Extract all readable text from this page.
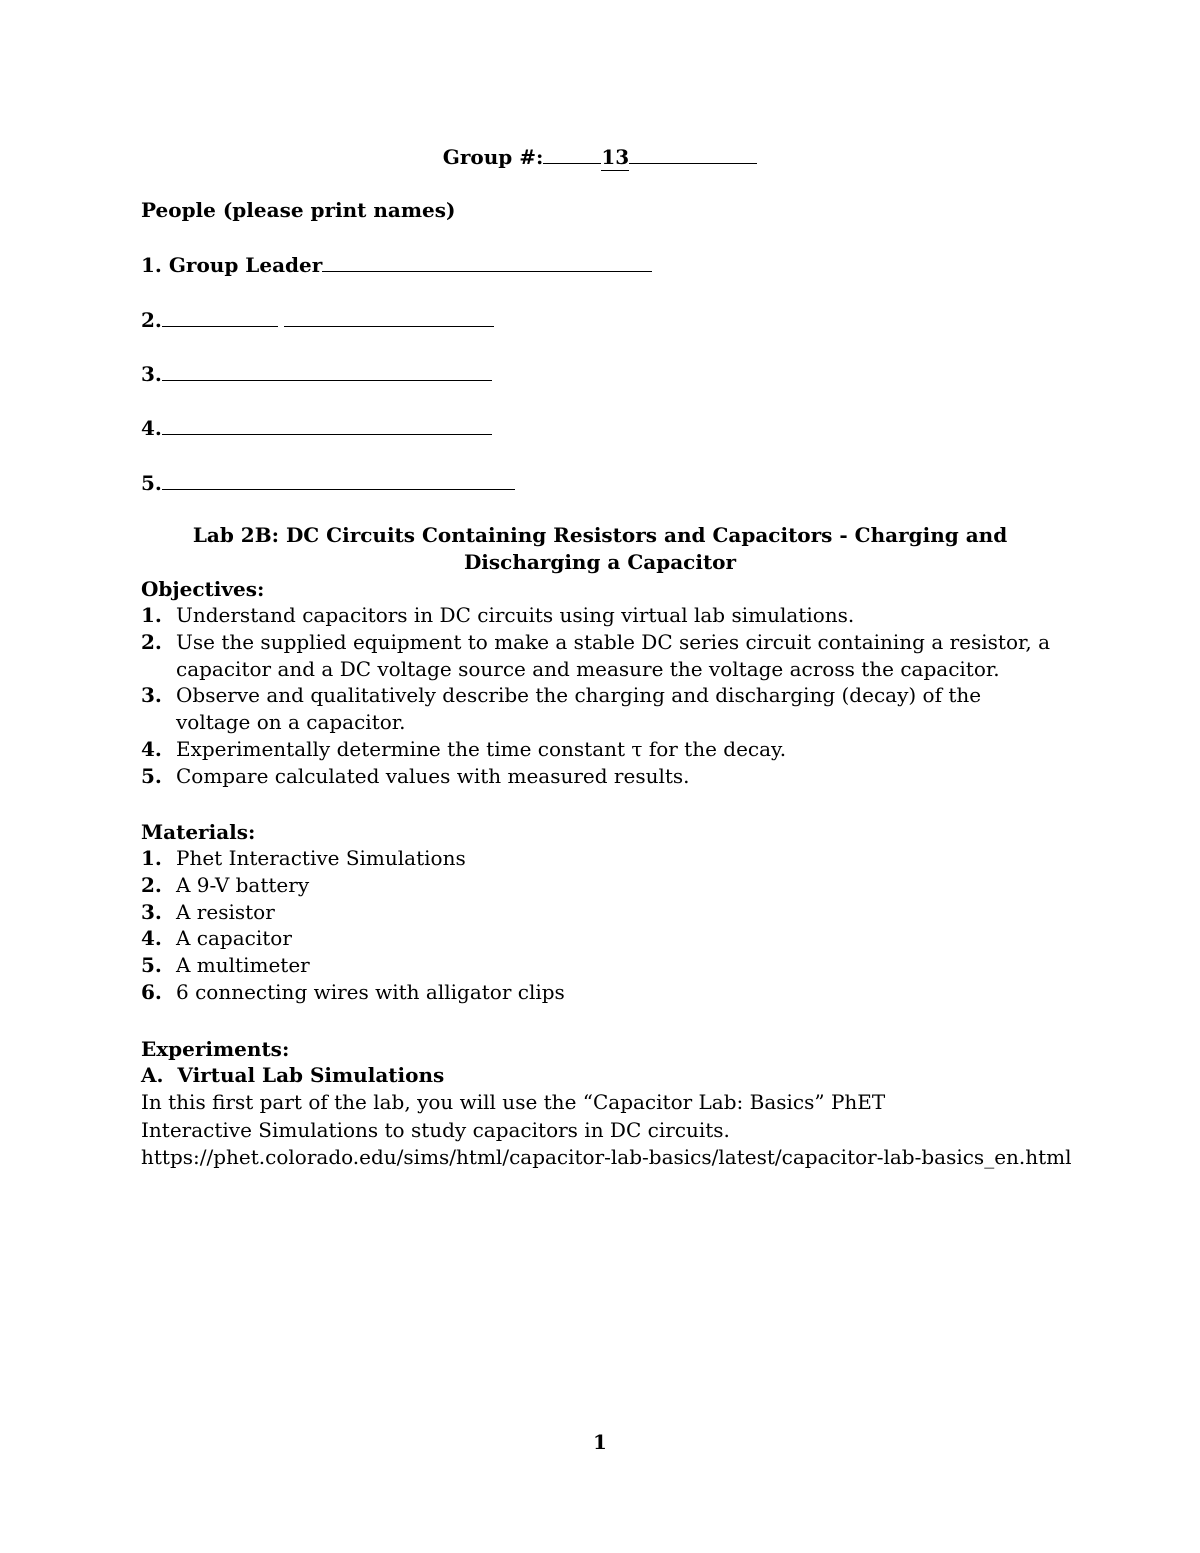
Group #:	13
People (please print names)
1. Group Leader
2.
3.
4.
5.
Lab 2B: DC Circuits Containing Resistors and Capacitors - Charging and Discharging a Capacitor
Objectives:
1. Understand capacitors in DC circuits using virtual lab simulations.
2. Use the supplied equipment to make a stable DC series circuit containing a resistor, a capacitor and a DC voltage source and measure the voltage across the capacitor.
3. Observe and qualitatively describe the charging and discharging (decay) of the voltage on a capacitor.
4. Experimentally determine the time constant τ for the decay.
5. Compare calculated values with measured results.
Materials:
1. Phet Interactive Simulations
2. A 9-V battery
3. A resistor
4. A capacitor
5. A multimeter
6. 6 connecting wires with alligator clips
Experiments:
A.  Virtual Lab Simulations
In this first part of the lab, you will use the “Capacitor Lab: Basics” PhET Interactive Simulations to study capacitors in DC circuits.
https://phet.colorado.edu/sims/html/capacitor-lab-basics/latest/capacitor-lab-basics_en.html
1
